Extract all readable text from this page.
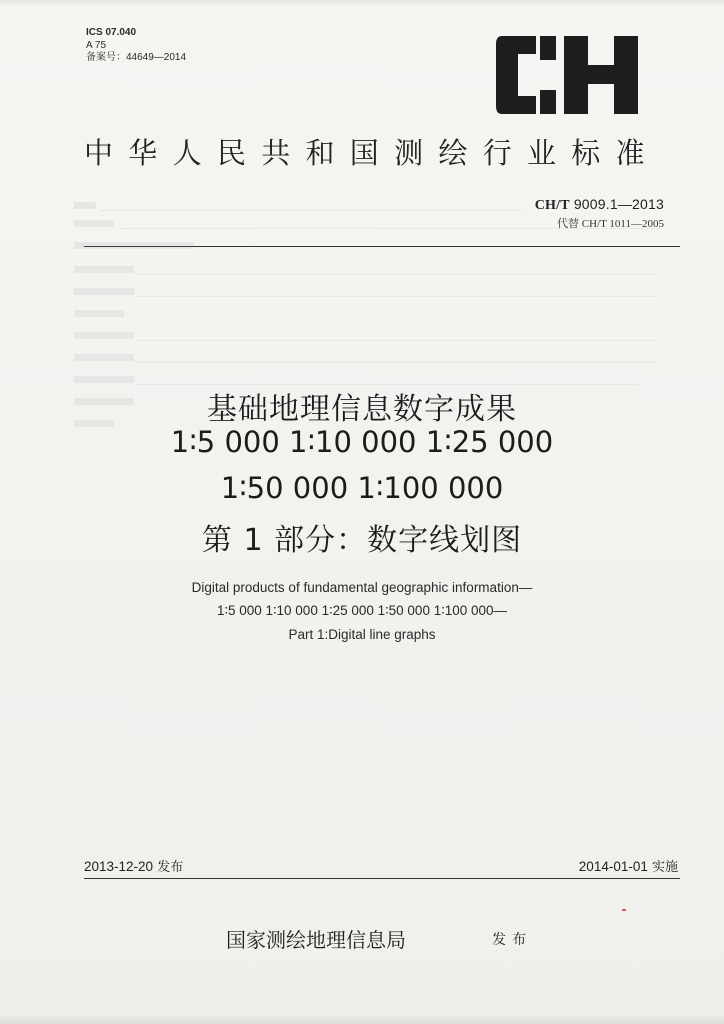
ICS 07.040
A 75
备案号：44649—2014
中华人民共和国测绘行业标准
CH/T 9009.1—2013
代替 CH/T 1011—2005
基础地理信息数字成果
1∶5 000 1∶10 000 1∶25 000
1∶50 000 1∶100 000
第 1 部分：数字线划图
Digital products of fundamental geographic information—
1∶5 000 1∶10 000 1∶25 000 1∶50 000 1∶100 000—
Part 1:Digital line graphs
2013-12-20 发布	2014-01-01 实施
国家测绘地理信息局	发布
